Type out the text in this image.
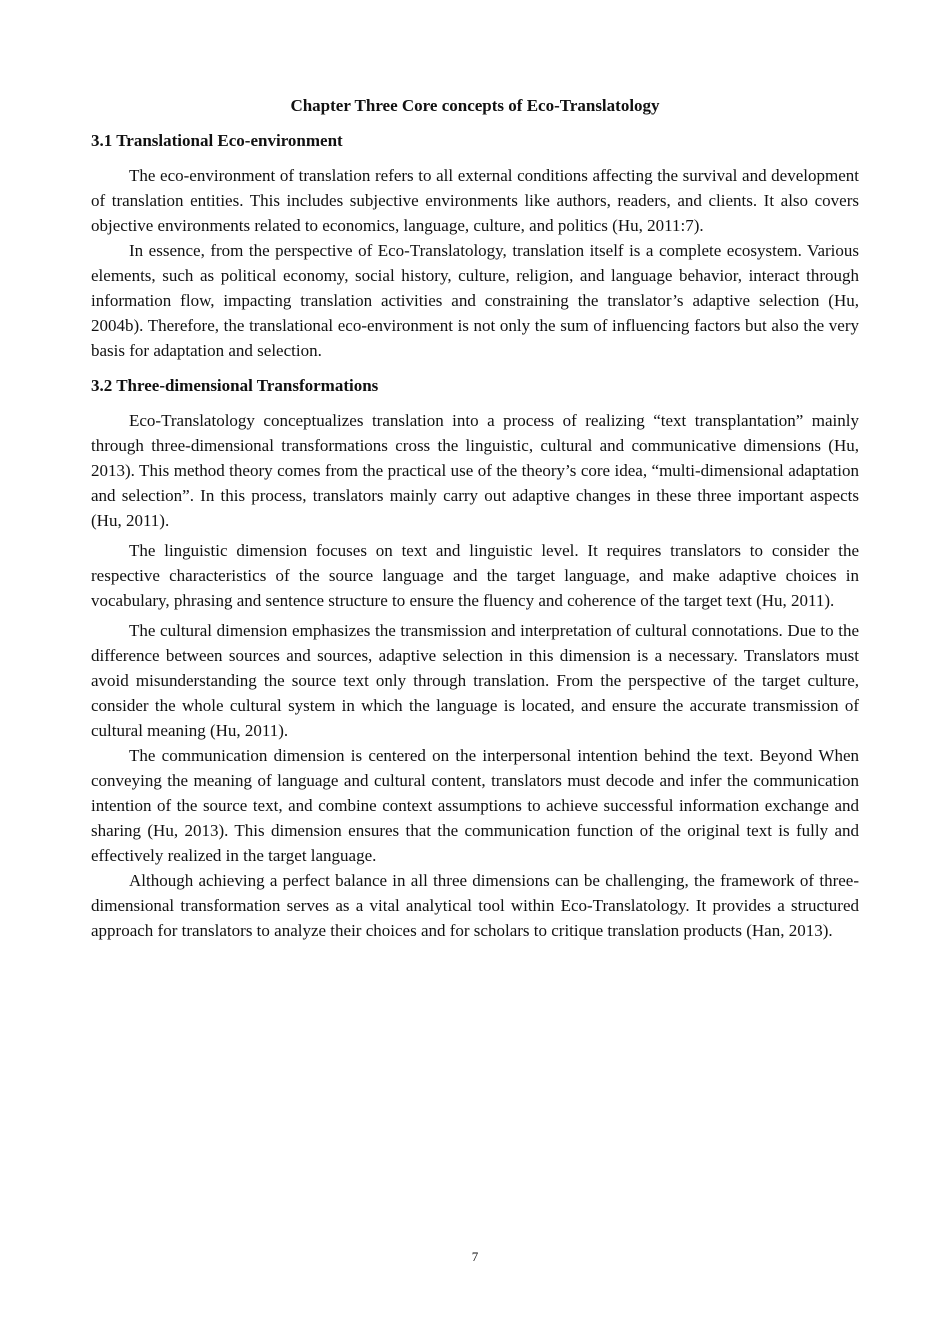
Chapter Three Core concepts of Eco-Translatology
3.1 Translational Eco-environment

The eco-environment of translation refers to all external conditions affecting the survival and development of translation entities. This includes subjective environments like authors, readers, and clients. It also covers objective environments related to economics, language, culture, and politics (Hu, 2011:7).

In essence, from the perspective of Eco-Translatology, translation itself is a complete ecosystem. Various elements, such as political economy, social history, culture, religion, and language behavior, interact through information flow, impacting translation activities and constraining the translator’s adaptive selection (Hu, 2004b). Therefore, the translational eco-environment is not only the sum of influencing factors but also the very basis for adaptation and selection.

3.2 Three-dimensional Transformations

Eco-Translatology conceptualizes translation into a process of realizing “text transplantation” mainly through three-dimensional transformations cross the linguistic, cultural and communicative dimensions (Hu, 2013). This method theory comes from the practical use of the theory’s core idea, “multi-dimensional adaptation and selection”. In this process, translators mainly carry out adaptive changes in these three important aspects (Hu, 2011).

The linguistic dimension focuses on text and linguistic level. It requires translators to consider the respective characteristics of the source language and the target language, and make adaptive choices in vocabulary, phrasing and sentence structure to ensure the fluency and coherence of the target text (Hu, 2011).

The cultural dimension emphasizes the transmission and interpretation of cultural connotations. Due to the difference between sources and sources, adaptive selection in this dimension is a necessary. Translators must avoid misunderstanding the source text only through translation. From the perspective of the target culture, consider the whole cultural system in which the language is located, and ensure the accurate transmission of cultural meaning (Hu, 2011).

The communication dimension is centered on the interpersonal intention behind the text. Beyond When conveying the meaning of language and cultural content, translators must decode and infer the communication intention of the source text, and combine context assumptions to achieve successful information exchange and sharing (Hu, 2013). This dimension ensures that the communication function of the original text is fully and effectively realized in the target language.

Although achieving a perfect balance in all three dimensions can be challenging, the framework of three-dimensional transformation serves as a vital analytical tool within Eco-Translatology. It provides a structured approach for translators to analyze their choices and for scholars to critique translation products (Han, 2013).

7
